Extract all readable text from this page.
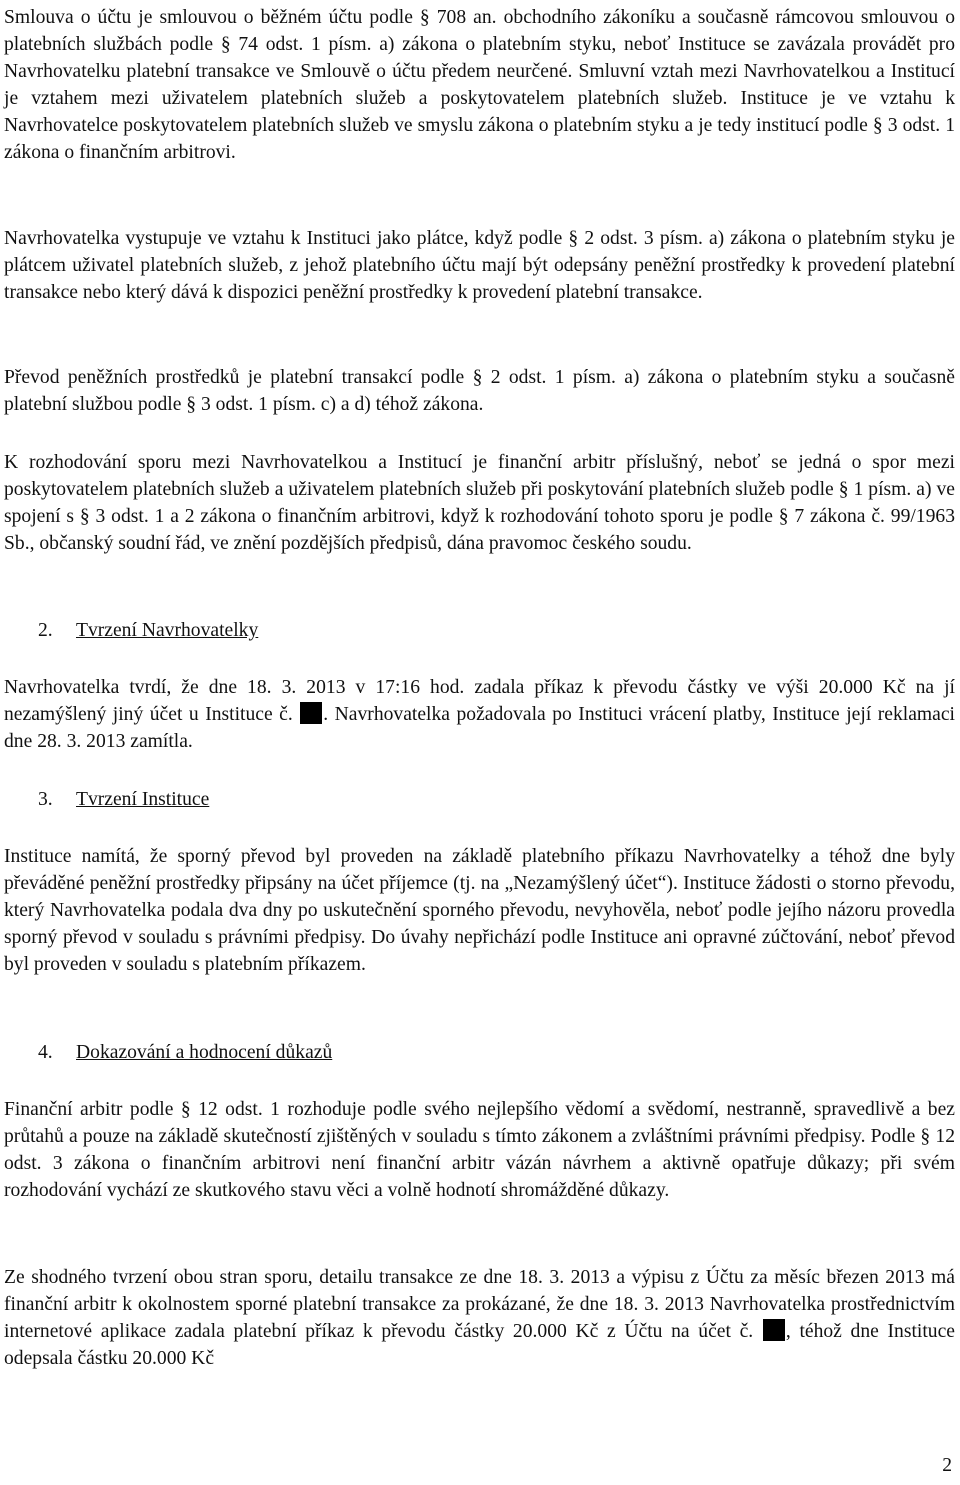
Smlouva o účtu je smlouvou o běžném účtu podle § 708 an. obchodního zákoníku a současně rámcovou smlouvou o platebních službách podle § 74 odst. 1 písm. a) zákona o platebním styku, neboť Instituce se zavázala provádět pro Navrhovatelku platební transakce ve Smlouvě o účtu předem neurčené. Smluvní vztah mezi Navrhovatelkou a Institucí je vztahem mezi uživatelem platebních služeb a poskytovatelem platebních služeb. Instituce je ve vztahu k Navrhovatelce poskytovatelem platebních služeb ve smyslu zákona o platebním styku a je tedy institucí podle § 3 odst. 1 zákona o finančním arbitrovi.

Navrhovatelka vystupuje ve vztahu k Instituci jako plátce, když podle § 2 odst. 3 písm. a) zákona o platebním styku je plátcem uživatel platebních služeb, z jehož platebního účtu mají být odepsány peněžní prostředky k provedení platební transakce nebo který dává k dispozici peněžní prostředky k provedení platební transakce.

Převod peněžních prostředků je platební transakcí podle § 2 odst. 1 písm. a) zákona o platebním styku a současně platební službou podle § 3 odst. 1 písm. c) a d) téhož zákona.

K rozhodování sporu mezi Navrhovatelkou a Institucí je finanční arbitr příslušný, neboť se jedná o spor mezi poskytovatelem platebních služeb a uživatelem platebních služeb při poskytování platebních služeb podle § 1 písm. a) ve spojení s § 3 odst. 1 a 2 zákona o finančním arbitrovi, když k rozhodování tohoto sporu je podle § 7 zákona č. 99/1963 Sb., občanský soudní řád, ve znění pozdějších předpisů, dána pravomoc českého soudu.

2. Tvrzení Navrhovatelky

Navrhovatelka tvrdí, že dne 18. 3. 2013 v 17:16 hod. zadala příkaz k převodu částky ve výši 20.000 Kč na jí nezamýšlený jiný účet u Instituce č. . Navrhovatelka požadovala po Instituci vrácení platby, Instituce její reklamaci dne 28. 3. 2013 zamítla.

3. Tvrzení Instituce

Instituce namítá, že sporný převod byl proveden na základě platebního příkazu Navrhovatelky a téhož dne byly převáděné peněžní prostředky připsány na účet příjemce (tj. na „Nezamýšlený účet“). Instituce žádosti o storno převodu, který Navrhovatelka podala dva dny po uskutečnění sporného převodu, nevyhověla, neboť podle jejího názoru provedla sporný převod v souladu s právními předpisy. Do úvahy nepřichází podle Instituce ani opravné zúčtování, neboť převod byl proveden v souladu s platebním příkazem.

4. Dokazování a hodnocení důkazů

Finanční arbitr podle § 12 odst. 1 rozhoduje podle svého nejlepšího vědomí a svědomí, nestranně, spravedlivě a bez průtahů a pouze na základě skutečností zjištěných v souladu s tímto zákonem a zvláštními právními předpisy. Podle § 12 odst. 3 zákona o finančním arbitrovi není finanční arbitr vázán návrhem a aktivně opatřuje důkazy; při svém rozhodování vychází ze skutkového stavu věci a volně hodnotí shromážděné důkazy.

Ze shodného tvrzení obou stran sporu, detailu transakce ze dne 18. 3. 2013 a výpisu z Účtu za měsíc březen 2013 má finanční arbitr k okolnostem sporné platební transakce za prokázané, že dne 18. 3. 2013 Navrhovatelka prostřednictvím internetové aplikace zadala platební příkaz k převodu částky 20.000 Kč z Účtu na účet č. , téhož dne Instituce odepsala částku 20.000 Kč

2
